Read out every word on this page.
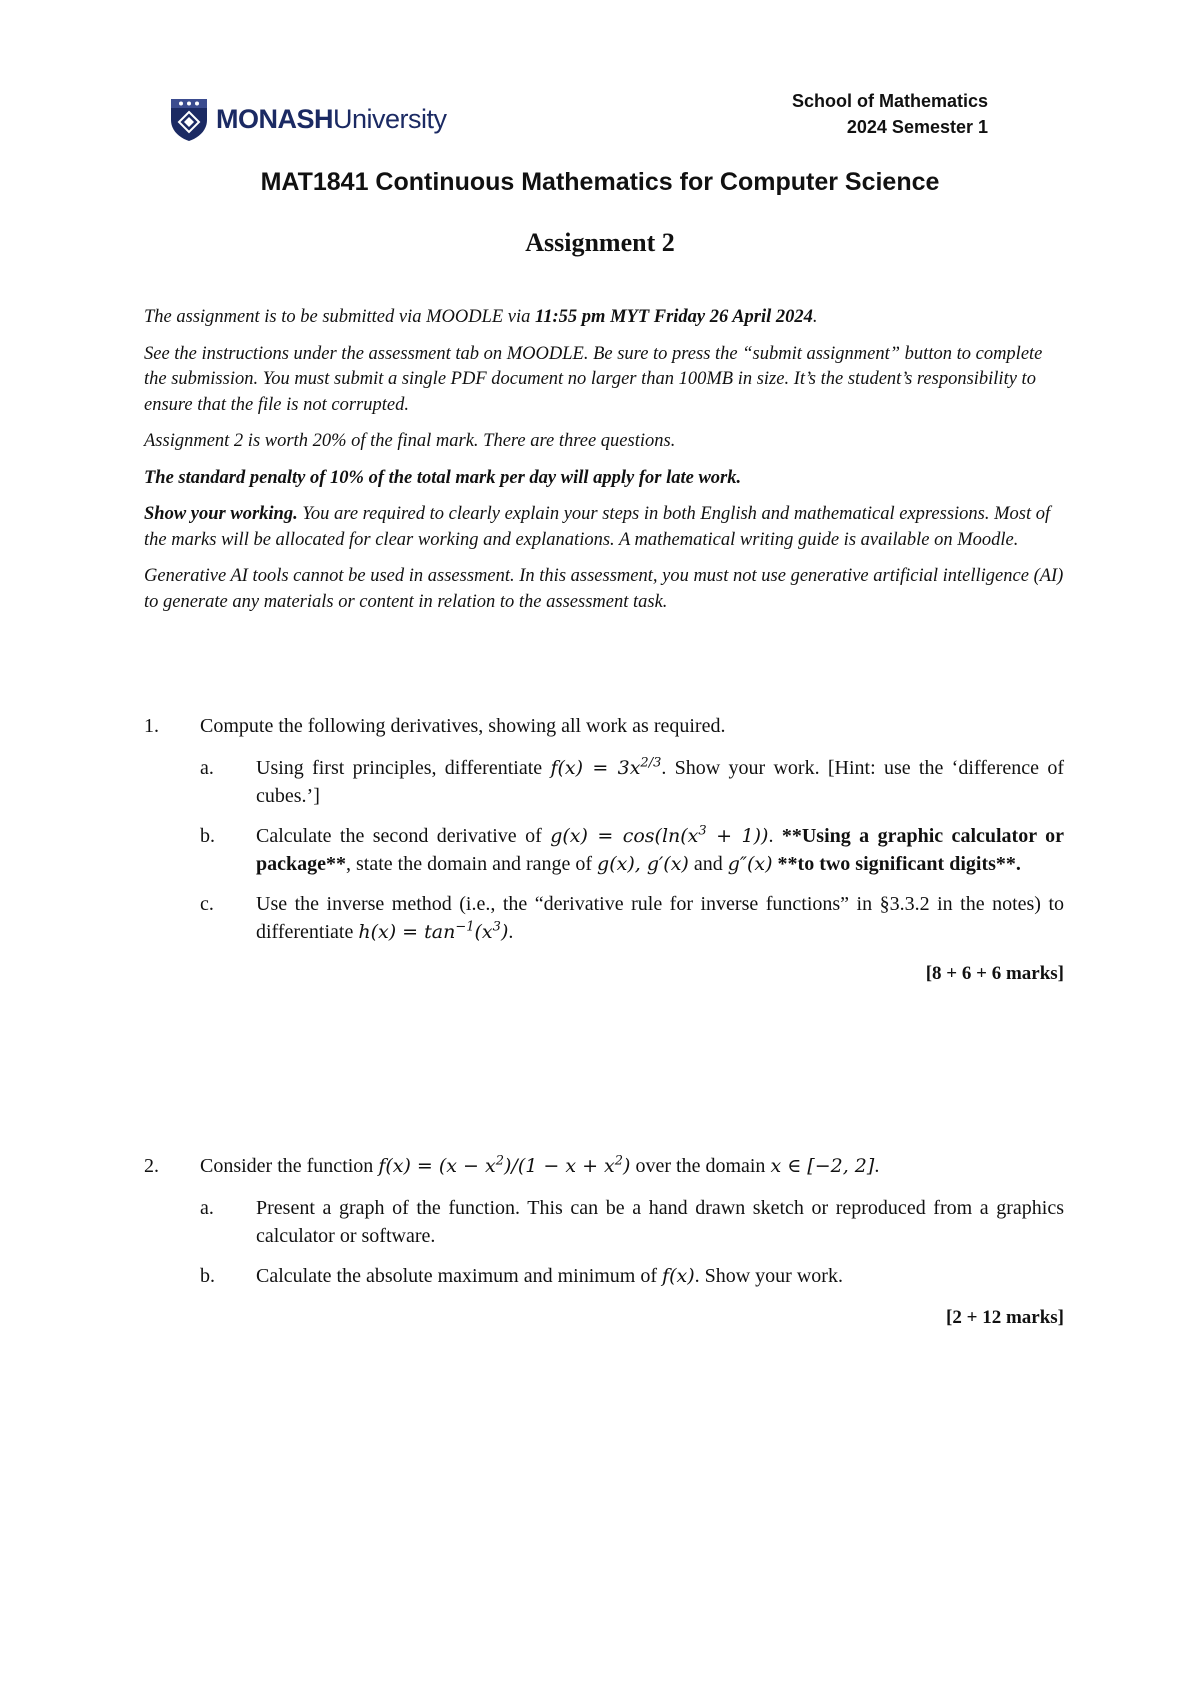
MONASHUniversity
School of Mathematics
2024 Semester 1
MAT1841 Continuous Mathematics for Computer Science
Assignment 2

The assignment is to be submitted via MOODLE via 11:55 pm MYT Friday 26 April 2024.

See the instructions under the assessment tab on MOODLE. Be sure to press the “submit assignment” button to complete the submission. You must submit a single PDF document no larger than 100MB in size. It’s the student’s responsibility to ensure that the file is not corrupted.

Assignment 2 is worth 20% of the final mark. There are three questions.

The standard penalty of 10% of the total mark per day will apply for late work.

Show your working. You are required to clearly explain your steps in both English and mathematical expressions. Most of the marks will be allocated for clear working and explanations. A mathematical writing guide is available on Moodle.

Generative AI tools cannot be used in assessment. In this assessment, you must not use generative artificial intelligence (AI) to generate any materials or content in relation to the assessment task.

1.	Compute the following derivatives, showing all work as required.
a.	Using first principles, differentiate $f(x) = 3x^{2/3}$. Show your work. [Hint: use the ‘difference of cubes.’]
b.	Calculate the second derivative of $g(x) = \cos(\ln(x^3 + 1))$. **Using a graphic calculator or package**, state the domain and range of g(x), g′(x) and g″(x) **to two significant digits**.
c.	Use the inverse method (i.e., the “derivative rule for inverse functions” in §3.3.2 in the notes) to differentiate $h(x) = \tan^{-1}(x^3)$.
[8 + 6 + 6 marks]
2.	Consider the function $f(x) = (x - x^2)/(1 - x + x^2)$ over the domain x ∈ [−2, 2].
a.	Present a graph of the function. This can be a hand drawn sketch or reproduced from a graphics calculator or software.
b.	Calculate the absolute maximum and minimum of f(x). Show your work.
[2 + 12 marks]
